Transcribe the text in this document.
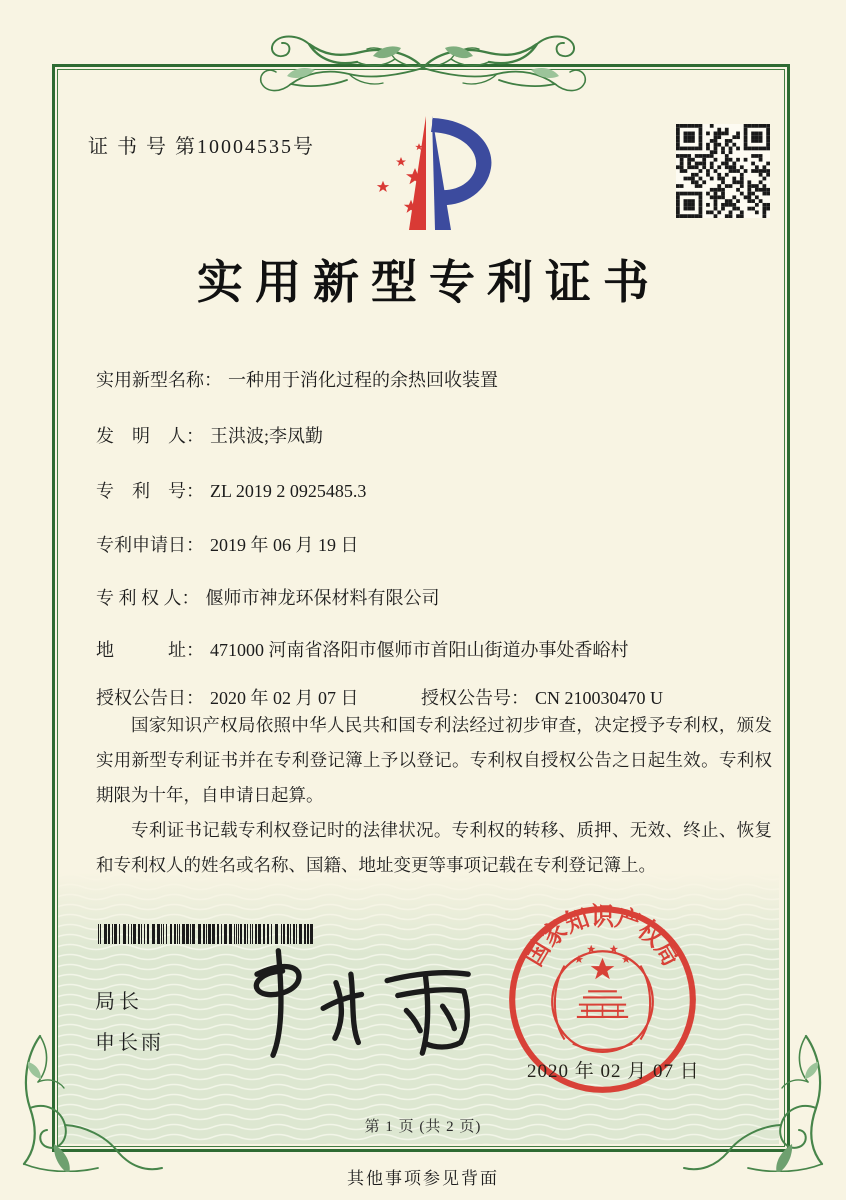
证 书 号 第10004535号
实用新型专利证书
实用新型名称： 一种用于消化过程的余热回收装置
发　明　人： 王洪波;李凤勤
专　利　号： ZL 2019 2 0925485.3
专利申请日： 2019 年 06 月 19 日
专 利 权 人： 偃师市神龙环保材料有限公司
地　　　址： 471000 河南省洛阳市偃师市首阳山街道办事处香峪村
授权公告日： 2020 年 02 月 07 日	授权公告号： CN 210030470 U

国家知识产权局依照中华人民共和国专利法经过初步审查，决定授予专利权，颁发实用新型专利证书并在专利登记簿上予以登记。专利权自授权公告之日起生效。专利权期限为十年，自申请日起算。

专利证书记载专利权登记时的法律状况。专利权的转移、质押、无效、终止、恢复和专利权人的姓名或名称、国籍、地址变更等事项记载在专利登记簿上。

局长
申长雨
国家知识产权局
2020 年 02 月 07 日
第 1 页 (共 2 页)
其他事项参见背面
